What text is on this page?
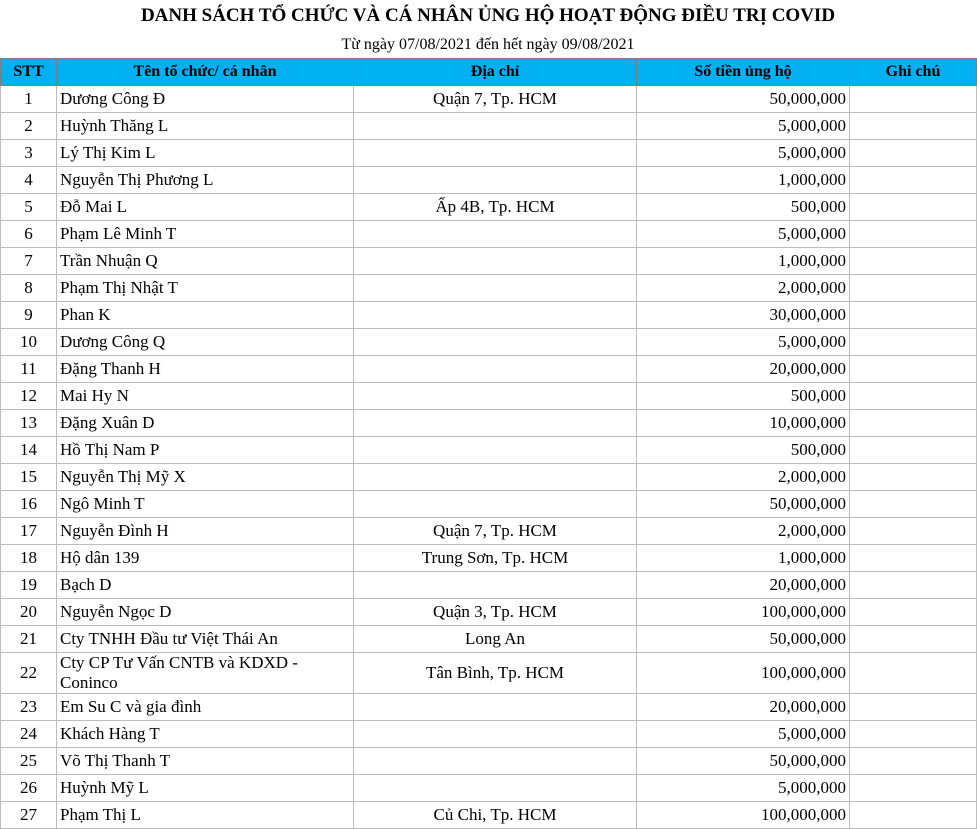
DANH SÁCH TỔ CHỨC VÀ CÁ NHÂN ỦNG HỘ HOẠT ĐỘNG ĐIỀU TRỊ COVID
Từ ngày 07/08/2021 đến hết ngày 09/08/2021
STT	Tên tổ chức/ cá nhân	Địa chỉ	Số tiền ủng hộ	Ghi chú
1	Dương Công Đ	Quận 7, Tp. HCM	50,000,000	
2	Huỳnh Thăng L		5,000,000	
3	Lý Thị Kim L		5,000,000	
4	Nguyễn Thị Phương L		1,000,000	
5	Đỗ Mai L	Ấp 4B, Tp. HCM	500,000	
6	Phạm Lê Minh T		5,000,000	
7	Trần Nhuận Q		1,000,000	
8	Phạm Thị Nhật T		2,000,000	
9	Phan K		30,000,000	
10	Dương Công Q		5,000,000	
11	Đặng Thanh H		20,000,000	
12	Mai Hy N		500,000	
13	Đặng Xuân D		10,000,000	
14	Hồ Thị Nam P		500,000	
15	Nguyễn Thị Mỹ X		2,000,000	
16	Ngô Minh T		50,000,000	
17	Nguyễn Đình H	Quận 7, Tp. HCM	2,000,000	
18	Hộ dân 139	Trung Sơn, Tp. HCM	1,000,000	
19	Bạch D		20,000,000	
20	Nguyễn Ngọc D	Quận 3, Tp. HCM	100,000,000	
21	Cty TNHH Đầu tư Việt Thái An	Long An	50,000,000	
22	Cty CP Tư Vấn CNTB và KDXD - Coninco	Tân Bình, Tp. HCM	100,000,000	
23	Em Su C và gia đình		20,000,000	
24	Khách Hàng T		5,000,000	
25	Võ Thị Thanh T		50,000,000	
26	Huỳnh Mỹ L		5,000,000	
27	Phạm Thị L	Củ Chi, Tp. HCM	100,000,000	
